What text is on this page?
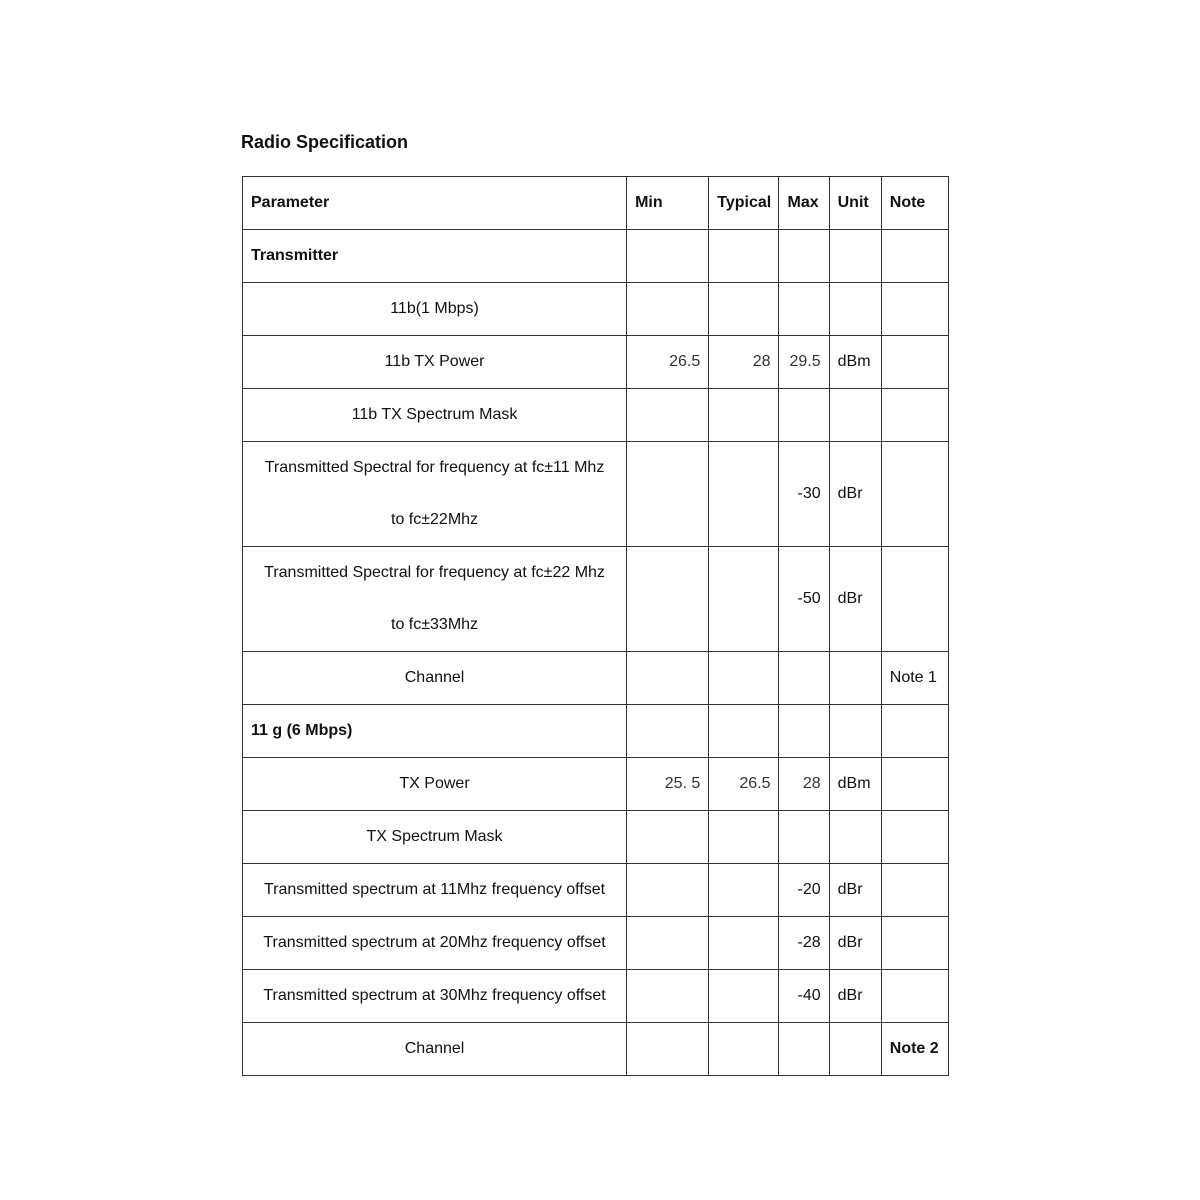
Radio Specification
Parameter	Min	Typical	Max	Unit	Note
Transmitter					
11b(1 Mbps)					
11b TX Power	26.5	28	29.5	dBm	
11b TX Spectrum Mask					

Transmitted Spectral for frequency at fc±11 Mhz
to fc±22Mhz			-30	dBr	

Transmitted Spectral for frequency at fc±22 Mhz
to fc±33Mhz			-50	dBr	
Channel					Note 1
11 g (6 Mbps)					
TX Power	25. 5	26.5	28	dBm	
TX Spectrum Mask					
Transmitted spectrum at 11Mhz frequency offset			-20	dBr	
Transmitted spectrum at 20Mhz frequency offset			-28	dBr	
Transmitted spectrum at 30Mhz frequency offset			-40	dBr	
Channel					Note 2
